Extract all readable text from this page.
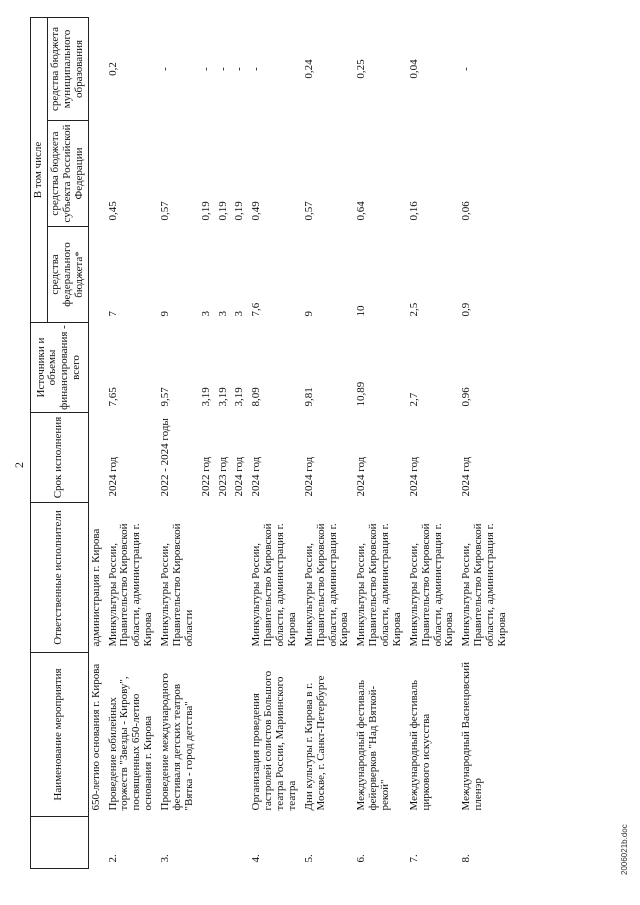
2
	Наименование мероприятия	Ответственные исполнители	Срок исполнения	Источники и объемы финансирования - всего	В том числе		
					средства федерального бюджета*	средства бюджета субъекта Российской Федерации	средства бюджета муниципального образования
	650-летию основания г. Кирова	администрация г. Кирова					
2.	Проведение юбилейных торжеств "Звезды - Кирову", посвященных 650-летию основания г. Кирова	Минкультуры России, Правительство Кировской области, администрация г. Кирова	2024 год	7,65	7	0,45	0,2
3.	Проведение международного фестиваля детских театров "Вятка - город детства"	Минкультуры России, Правительство Кировской области	2022 - 2024 годы	9,57	9	0,57	-
			2022 год	3,19	3	0,19	-
			2023 год	3,19	3	0,19	-
			2024 год	3,19	3	0,19	-
4.	Организация проведения гастролей солистов Большого театра России, Мариинского театра	Минкультуры России, Правительство Кировской области, администрация г. Кирова	2024 год	8,09	7,6	0,49	-
5.	Дни культуры г. Кирова в г. Москве, г. Санкт-Петербурге	Минкультуры России, Правительство Кировской области, администрация г. Кирова	2024 год	9,81	9	0,57	0,24
6.	Международный фестиваль фейерверков "Над Вяткой-рекой"	Минкультуры России, Правительство Кировской области, администрация г. Кирова	2024 год	10,89	10	0,64	0,25
7.	Международный фестиваль циркового искусства	Минкультуры России, Правительство Кировской области, администрация г. Кирова	2024 год	2,7	2,5	0,16	0,04
8.	Международный Васнецовский пленэр	Минкультуры России, Правительство Кировской области, администрация г. Кирова	2024 год	0,96	0,9	0,06	-
2006021b.doc
